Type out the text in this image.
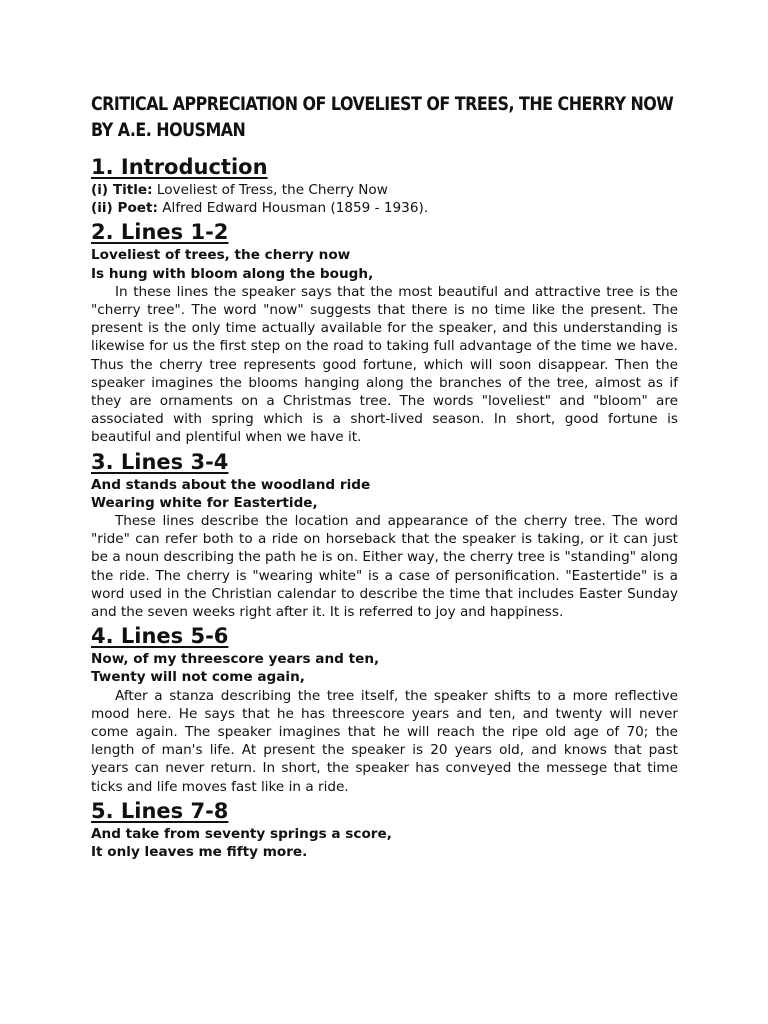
CRITICAL APPRECIATION OF LOVELIEST OF TREES, THE CHERRY NOW
BY A.E. HOUSMAN
1. Introduction

(i) Title: Loveliest of Tress, the Cherry Now

(ii) Poet: Alfred Edward Housman (1859 - 1936).

2. Lines 1-2

Loveliest of trees, the cherry now

Is hung with bloom along the bough,

In these lines the speaker says that the most beautiful and attractive tree is the "cherry tree". The word "now" suggests that there is no time like the present. The present is the only time actually available for the speaker, and this understanding is likewise for us the first step on the road to taking full advantage of the time we have. Thus the cherry tree represents good fortune, which will soon disappear. Then the speaker imagines the blooms hanging along the branches of the tree, almost as if they are ornaments on a Christmas tree. The words "loveliest" and "bloom" are associated with spring which is a short-lived season. In short, good fortune is beautiful and plentiful when we have it.

3. Lines 3-4

And stands about the woodland ride

Wearing white for Eastertide,

These lines describe the location and appearance of the cherry tree. The word "ride" can refer both to a ride on horseback that the speaker is taking, or it can just be a noun describing the path he is on. Either way, the cherry tree is "standing" along the ride. The cherry is "wearing white" is a case of personification. "Eastertide" is a word used in the Christian calendar to describe the time that includes Easter Sunday and the seven weeks right after it. It is referred to joy and happiness.

4. Lines 5-6

Now, of my threescore years and ten,

Twenty will not come again,

After a stanza describing the tree itself, the speaker shifts to a more reflective mood here. He says that he has threescore years and ten, and twenty will never come again. The speaker imagines that he will reach the ripe old age of 70; the length of man's life. At present the speaker is 20 years old, and knows that past years can never return. In short, the speaker has conveyed the messege that time ticks and life moves fast like in a ride.

5. Lines 7-8

And take from seventy springs a score,

It only leaves me fifty more.
